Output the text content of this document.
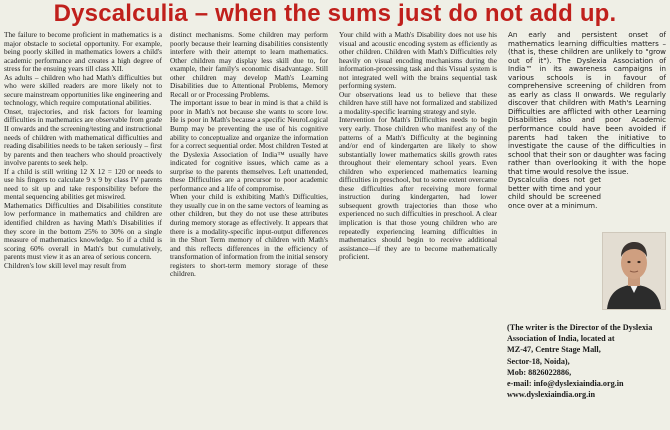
Dyscalculia – when the sums just do not add up.

The failure to become proficient in mathematics is a major obstacle to societal opportunity. For example, being poorly skilled in mathematics lowers a child's academic performance and creates a high degree of stress for the ensuing years till class XII.

As adults – children who had Math's difficulties but who were skilled readers are more likely not to secure mainstream opportunities like engineering and technology, which require computational abilities.

Onset, trajectories, and risk factors for learning difficulties in mathematics are observable from grade II onwards and the screening/testing and instructional needs of children with mathematical difficulties and reading disabilities needs to be taken seriously – first by parents and then teachers who should proactively involve parents to seek help.

If a child is still writing 12 X 12 = 120 or needs to use his fingers to calculate 9 x 9 by class IV parents need to sit up and take responsibility before the mental sequencing abilities get miswired.

Mathematics Difficulties and Disabilities constitute low performance in mathematics and children are identified children as having Math's Disabilities if they score in the bottom 25% to 30% on a single measure of mathematics knowledge. So if a child is scoring 60% overall in Math's but cumulatively, parents must view it as an area of serious concern.

Children's low skill level may result from

distinct mechanisms. Some children may perform poorly because their learning disabilities consistently interfere with their attempt to learn mathematics. Other children may display less skill due to, for example, their family's economic disadvantage. Still other children may develop Math's Learning Disabilities due to Attentional Problems, Memory Recall or or Processing Problems.

The important issue to bear in mind is that a child is poor in Math's not because she wants to score low. He is poor in Math's because a specific NeuroLogical Bump may be preventing the use of his cognitive ability to conceptualize and organize the information for a correct sequential order. Most children Tested at the Dyslexia Association of India™ usually have indicated for cognitive issues, which came as a surprise to the parents themselves. Left unattended, these Difficulties are a precursor to poor academic performance and a life of compromise.

When your child is exhibiting Math's Difficulties, they usually cue in on the same vectors of learning as other children, but they do not use these attributes during memory storage as effectively. It appears that there is a modality-specific input-output differences in the Short Term memory of children with Math's and this reflects differences in the efficiency of transformation of information from the initial sensory registers to short-term memory storage of these children.

Your child with a Math's Disability does not use his visual and acoustic encoding system as efficiently as other children. Children with Math's Difficulties rely heavily on visual encoding mechanisms during the information-processing task and this Visual system is not integrated well with the brains sequential task performing system.

Our observations lead us to believe that these children have still have not formalized and stabilized a modality-specific learning strategy and style.

Intervention for Math's Difficulties needs to begin very early. Those children who manifest any of the patterns of a Math's Difficulty at the beginning and/or end of kindergarten are likely to show substantially lower mathematics skills growth rates throughout their elementary school years. Even children who experienced mathematics learning difficulties in preschool, but to some extent overcame these difficulties after receiving more formal instruction during kindergarten, had lower subsequent growth trajectories than those who experienced no such difficulties in preschool. A clear implication is that those young children who are repeatedly experiencing learning difficulties in mathematics should begin to receive additional assistance—if they are to become mathematically proficient.

An early and persistent onset of mathematics learning difficulties matters – (that is, these children are unlikely to "grow out of it"). The Dyslexia Association of India™ in its awareness campaigns in various schools is in favour of comprehensive screening of children from as early as class II onwards. We regularly discover that children with Math's Learning Difficulties are afflicted with other Learning Disabilities also and poor Academic performance could have been avoided if parents had taken the initiative to investigate the cause of the difficulties in school that their son or daughter was facing rather than overlooking it with the hope that time would resolve the issue.

Dyscalculia does not get better with time and your child should be screened once over at a minimum.

(The writer is the Director of the Dyslexia
Association of India, located at
MZ-47, Centre Stage Mall,
Sector-18, Noida),
Mob: 8826022886,
e-mail: info@dyslexiaindia.org.in
www.dyslexiaindia.org.in
